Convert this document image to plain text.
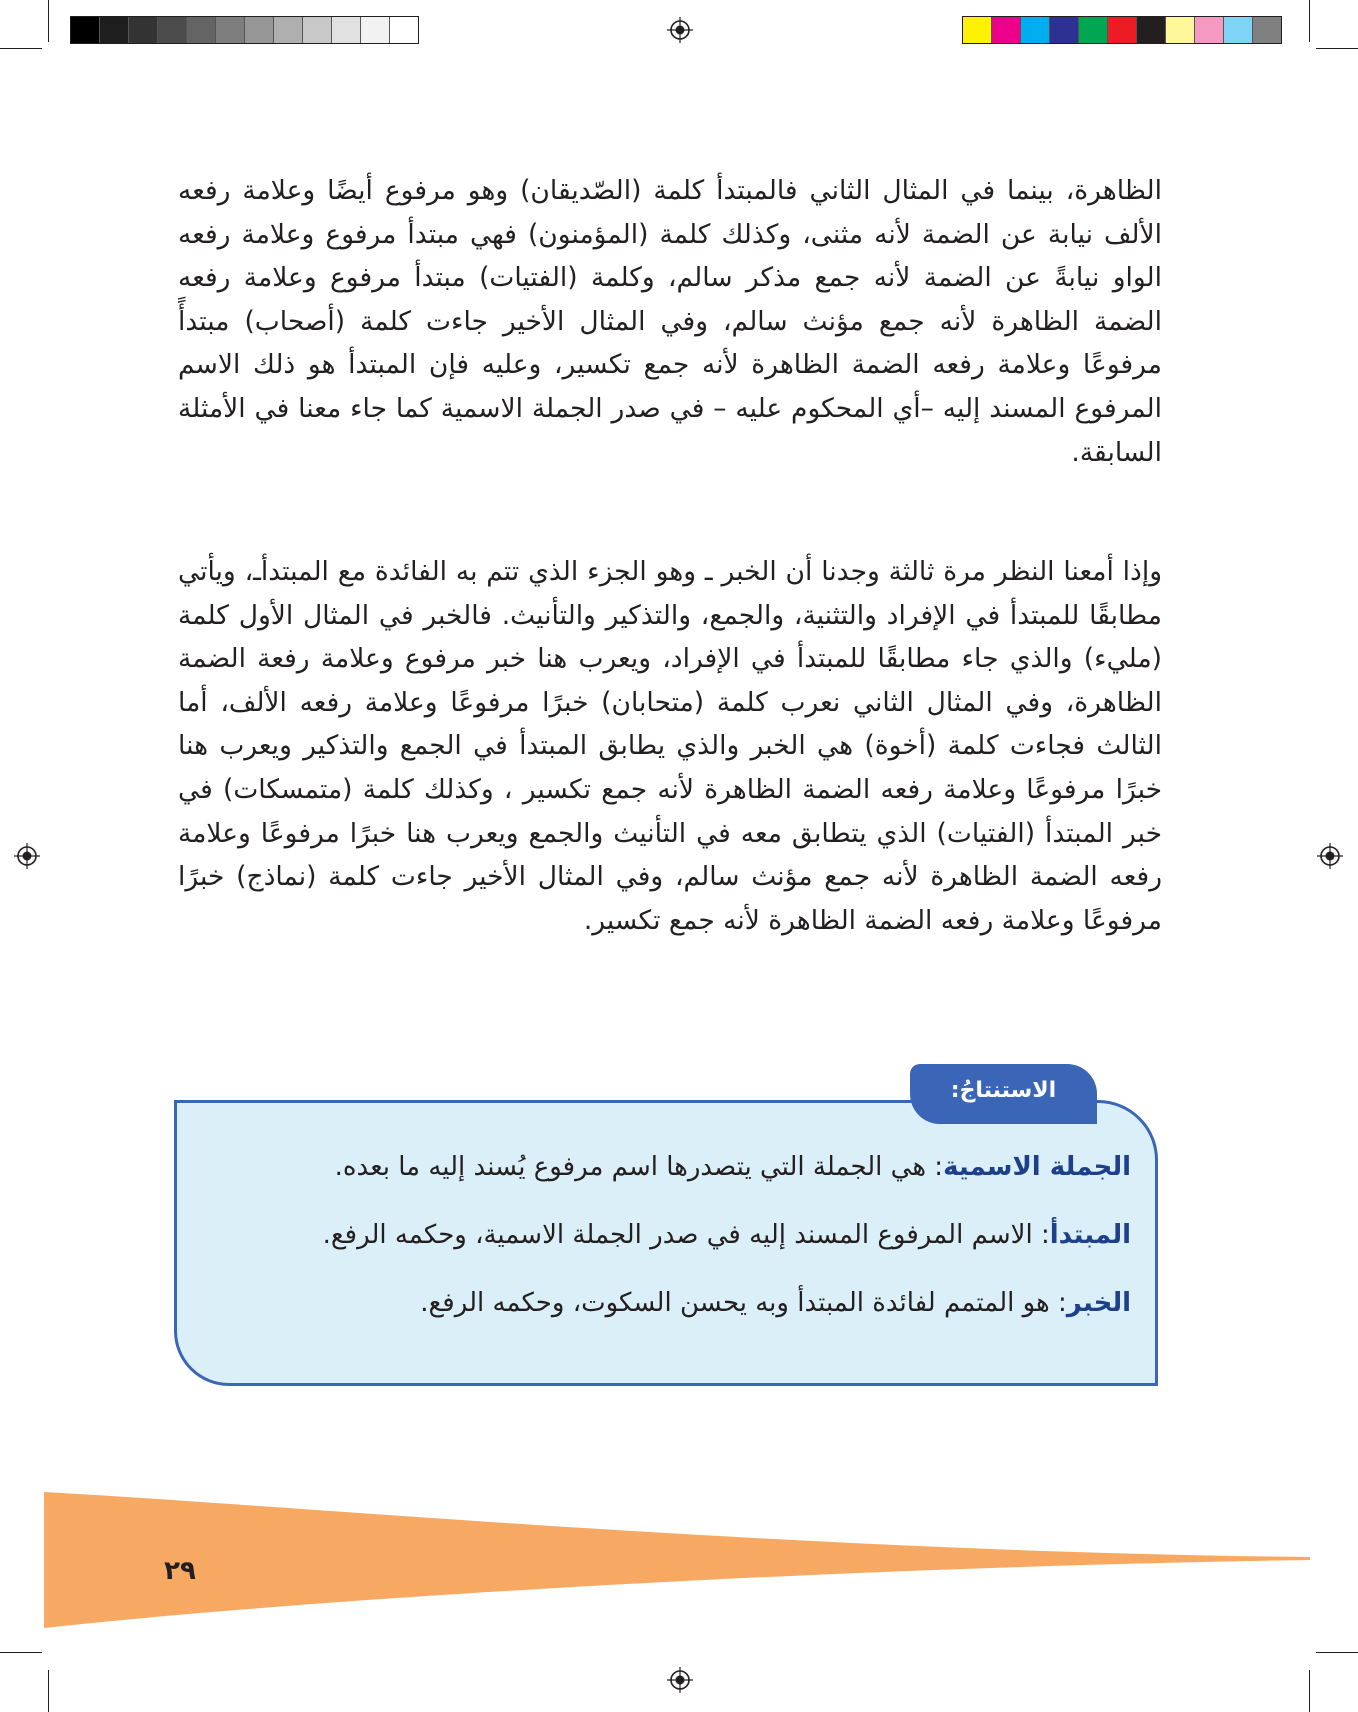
الظاهرة، بينما في المثال الثاني فالمبتدأ كلمة (الصّديقان) وهو مرفوع أيضًا وعلامة رفعه الألف نيابة عن الضمة لأنه مثنى، وكذلك كلمة (المؤمنون) فهي مبتدأ مرفوع وعلامة رفعه الواو نيابةً عن الضمة لأنه جمع مذكر سالم، وكلمة (الفتيات) مبتدأ مرفوع وعلامة رفعه الضمة الظاهرة لأنه جمع مؤنث سالم، وفي المثال الأخير جاءت كلمة (أصحاب) مبتدأً مرفوعًا وعلامة رفعه الضمة الظاهرة لأنه جمع تكسير، وعليه فإن المبتدأ هو ذلك الاسم المرفوع المسند إليه –أي المحكوم عليه – في صدر الجملة الاسمية كما جاء معنا في الأمثلة السابقة.

وإذا أمعنا النظر مرة ثالثة وجدنا أن الخبر ـ وهو الجزء الذي تتم به الفائدة مع المبتدأـ، ويأتي مطابقًا للمبتدأ في الإفراد والتثنية، والجمع، والتذكير والتأنيث. فالخبر في المثال الأول كلمة (مليء) والذي جاء مطابقًا للمبتدأ في الإفراد، ويعرب هنا خبر مرفوع وعلامة رفعة الضمة الظاهرة، وفي المثال الثاني نعرب كلمة (متحابان) خبرًا مرفوعًا وعلامة رفعه الألف، أما الثالث فجاءت كلمة (أخوة) هي الخبر والذي يطابق المبتدأ في الجمع والتذكير ويعرب هنا خبرًا مرفوعًا وعلامة رفعه الضمة الظاهرة لأنه جمع تكسير ، وكذلك كلمة (متمسكات) في خبر المبتدأ (الفتيات) الذي يتطابق معه في التأنيث والجمع ويعرب هنا خبرًا مرفوعًا وعلامة رفعه الضمة الظاهرة لأنه جمع مؤنث سالم، وفي المثال الأخير جاءت كلمة (نماذج) خبرًا مرفوعًا وعلامة رفعه الضمة الظاهرة لأنه جمع تكسير.

الاستنتاجُ:
الجملة الاسمية: هي الجملة التي يتصدرها اسم مرفوع يُسند إليه ما بعده.
المبتدأ: الاسم المرفوع المسند إليه في صدر الجملة الاسمية، وحكمه الرفع.
الخبر: هو المتمم لفائدة المبتدأ وبه يحسن السكوت، وحكمه الرفع.
٢٩
